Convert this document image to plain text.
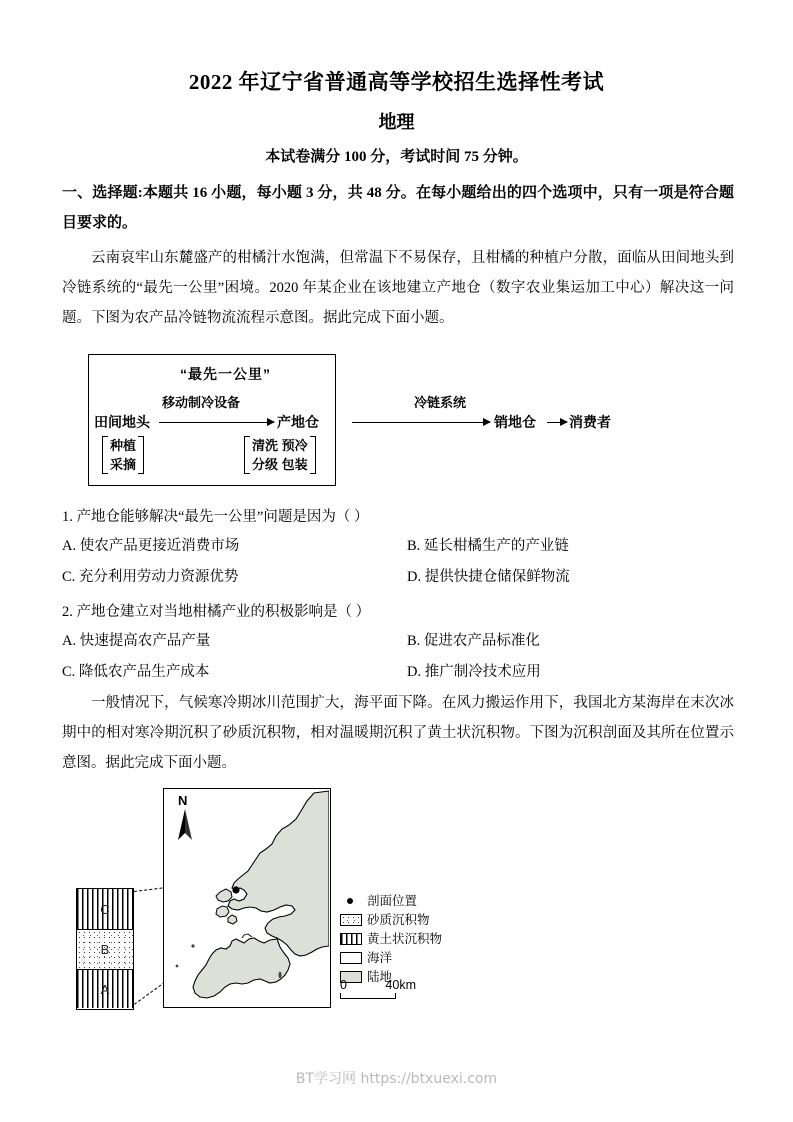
2022 年辽宁省普通高等学校招生选择性考试
地理
本试卷满分 100 分，考试时间 75 分钟。
一、选择题:本题共 16 小题，每小题 3 分，共 48 分。在每小题给出的四个选项中，只有一项是符合题目要求的。
云南哀牢山东麓盛产的柑橘汁水饱满，但常温下不易保存，且柑橘的种植户分散，面临从田间地头到冷链系统的“最先一公里”困境。2020 年某企业在该地建立产地仓（数字农业集运加工中心）解决这一问题。下图为农产品冷链物流流程示意图。据此完成下面小题。
“最先一公里”
田间地头
种植
采摘
移动制冷设备
产地仓
清洗 预冷
分级 包装
冷链系统
销地仓 消费者
1. 产地仓能够解决“最先一公里”问题是因为（ ）
A. 使农产品更接近消费市场	B. 延长柑橘生产的产业链
C. 充分利用劳动力资源优势	D. 提供快捷仓储保鲜物流
2. 产地仓建立对当地柑橘产业的积极影响是（ ）
A. 快速提高农产品产量	B. 促进农产品标准化
C. 降低农产品生产成本	D. 推广制冷技术应用
一般情况下，气候寒冷期冰川范围扩大，海平面下降。在风力搬运作用下，我国北方某海岸在末次冰期中的相对寒冷期沉积了砂质沉积物，相对温暖期沉积了黄土状沉积物。下图为沉积剖面及其所在位置示意图。据此完成下面小题。
C
B
A
N
剖面位置
砂质沉积物
黄土状沉积物
海洋
陆地
0	40km
BT学习网 https://btxuexi.com
